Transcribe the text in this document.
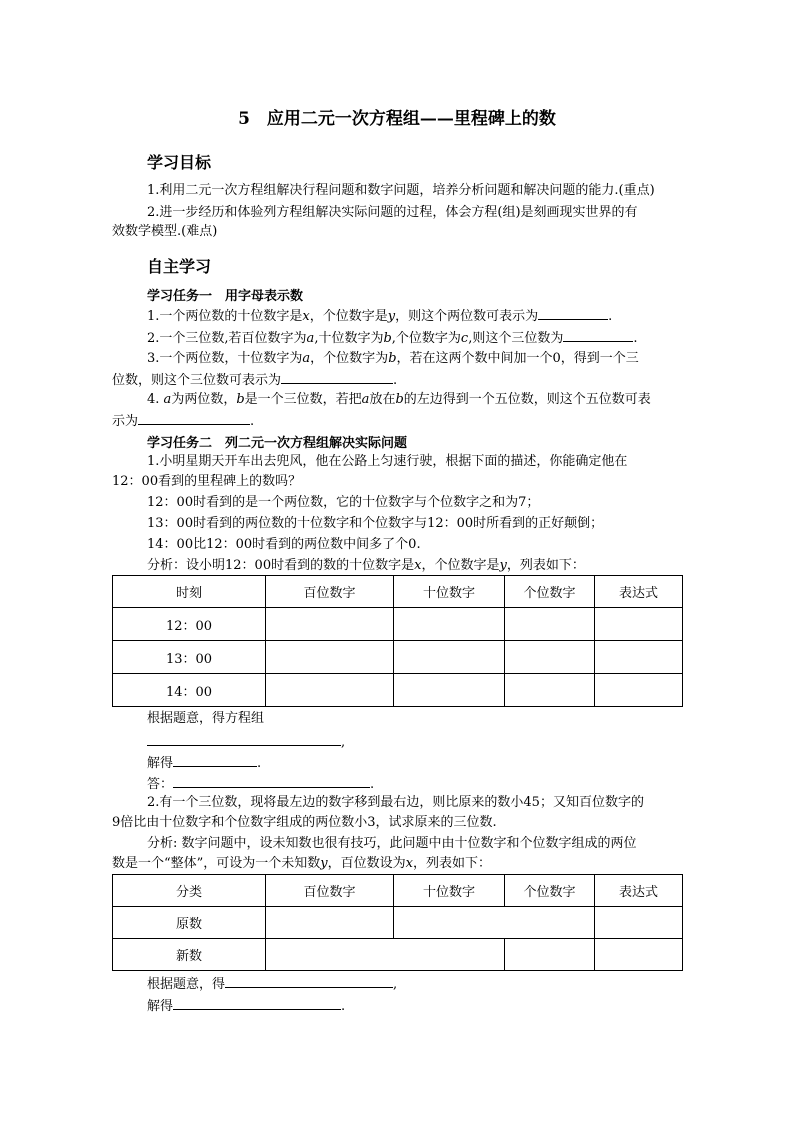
5　应用二元一次方程组——里程碑上的数
学习目标
1.利用二元一次方程组解决行程问题和数字问题，培养分析问题和解决问题的能力.(重点)
2.进一步经历和体验列方程组解决实际问题的过程，体会方程(组)是刻画现实世界的有
效数学模型.(难点)
自主学习
学习任务一　用字母表示数
1.一个两位数的十位数字是x，个位数字是y，则这个两位数可表示为	.
2.一个三位数,若百位数字为a,十位数字为b,个位数字为c,则这个三位数为	.
3.一个两位数，十位数字为a，个位数字为b，若在这两个数中间加一个0，得到一个三
位数，则这个三位数可表示为	.
4. a为两位数，b是一个三位数，若把a放在b的左边得到一个五位数，则这个五位数可表
示为	.
学习任务二　列二元一次方程组解决实际问题
1.小明星期天开车出去兜风，他在公路上匀速行驶，根据下面的描述，你能确定他在
12：00看到的里程碑上的数吗？
12：00时看到的是一个两位数，它的十位数字与个位数字之和为7；
13：00时看到的两位数的十位数字和个位数字与12：00时所看到的正好颠倒；
14：00比12：00时看到的两位数中间多了个0.
分析：设小明12：00时看到的数的十位数字是x，个位数字是y，列表如下：
时刻	百位数字	十位数字	个位数字	表达式
12：00				
13：00				
14：00				
根据题意，得方程组
,
解得	.
答：	.
2.有一个三位数，现将最左边的数字移到最右边，则比原来的数小45；又知百位数字的
9倍比由十位数字和个位数字组成的两位数小3，试求原来的三位数.
分析: 数字问题中，设未知数也很有技巧，此问题中由十位数字和个位数字组成的两位
数是一个“整体”，可设为一个未知数y，百位数设为x，列表如下：
分类	百位数字	十位数字	个位数字	表达式
原数				
新数				
根据题意，得	,
解得	.
